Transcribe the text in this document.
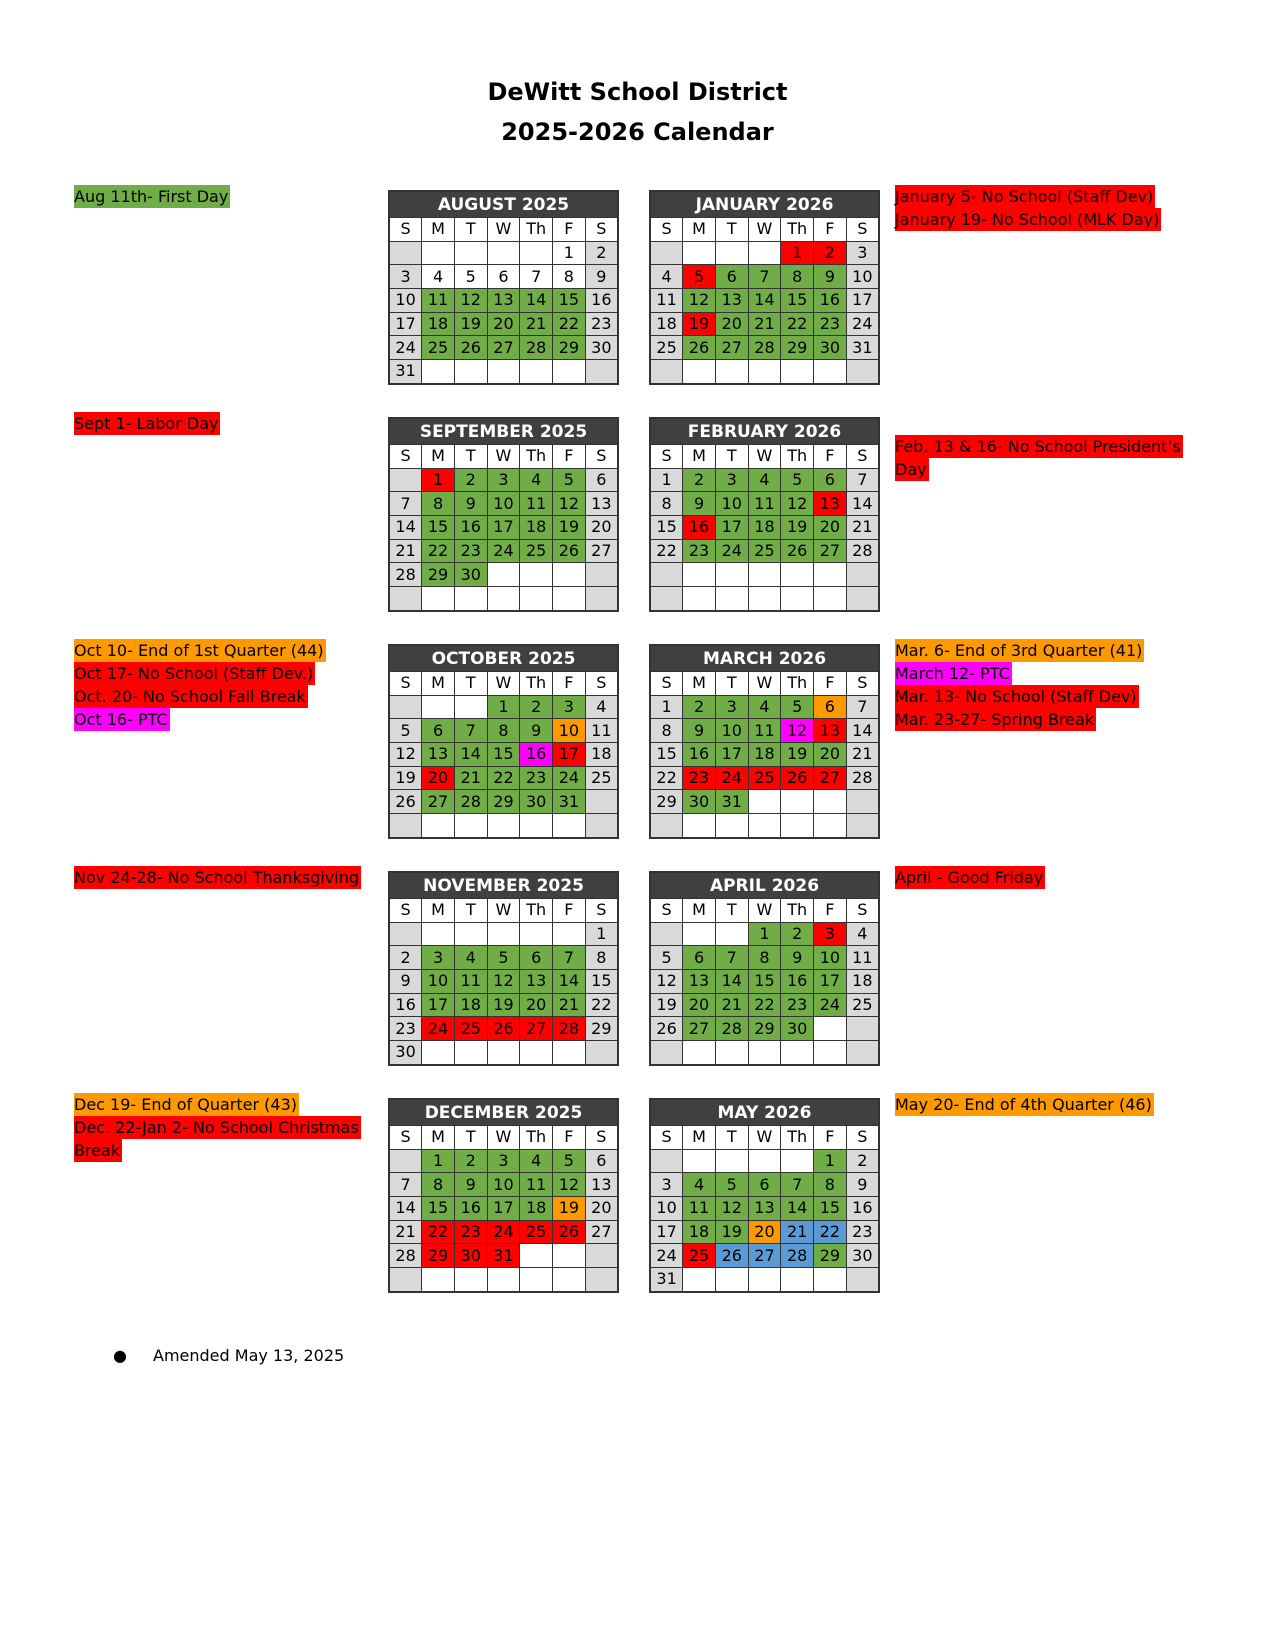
DeWitt School District
2025-2026 Calendar
AUGUST 2025						
S	M	T	W	Th	F	S
					1	2
3	4	5	6	7	8	9
10	11	12	13	14	15	16
17	18	19	20	21	22	23
24	25	26	27	28	29	30
31						
JANUARY 2026						
S	M	T	W	Th	F	S
				1	2	3
4	5	6	7	8	9	10
11	12	13	14	15	16	17
18	19	20	21	22	23	24
25	26	27	28	29	30	31

SEPTEMBER 2025						
S	M	T	W	Th	F	S
	1	2	3	4	5	6
7	8	9	10	11	12	13
14	15	16	17	18	19	20
21	22	23	24	25	26	27
28	29	30				

FEBRUARY 2026						
S	M	T	W	Th	F	S
1	2	3	4	5	6	7
8	9	10	11	12	13	14
15	16	17	18	19	20	21
22	23	24	25	26	27	28

OCTOBER 2025						
S	M	T	W	Th	F	S
			1	2	3	4
5	6	7	8	9	10	11
12	13	14	15	16	17	18
19	20	21	22	23	24	25
26	27	28	29	30	31	

MARCH 2026						
S	M	T	W	Th	F	S
1	2	3	4	5	6	7
8	9	10	11	12	13	14
15	16	17	18	19	20	21
22	23	24	25	26	27	28
29	30	31				

NOVEMBER 2025						
S	M	T	W	Th	F	S
						1
2	3	4	5	6	7	8
9	10	11	12	13	14	15
16	17	18	19	20	21	22
23	24	25	26	27	28	29
30						
APRIL 2026						
S	M	T	W	Th	F	S
			1	2	3	4
5	6	7	8	9	10	11
12	13	14	15	16	17	18
19	20	21	22	23	24	25
26	27	28	29	30		

DECEMBER 2025						
S	M	T	W	Th	F	S
	1	2	3	4	5	6
7	8	9	10	11	12	13
14	15	16	17	18	19	20
21	22	23	24	25	26	27
28	29	30	31			

MAY 2026						
S	M	T	W	Th	F	S
					1	2
3	4	5	6	7	8	9
10	11	12	13	14	15	16
17	18	19	20	21	22	23
24	25	26	27	28	29	30
31						
Aug 11th- First Day
Sept 1- Labor Day
Oct 10- End of 1st Quarter (44)
Oct 17- No School (Staff Dev.)
Oct. 20- No School Fall Break
Oct 16- PTC
Nov 24-28- No School Thanksgiving
Dec 19- End of Quarter (43)
Dec. 22-Jan 2- No School Christmas
Break
January 5- No School (Staff Dev)
January 19- No School (MLK Day)
Feb. 13 & 16- No School President’s
Day
Mar. 6- End of 3rd Quarter (41)
March 12- PTC
Mar. 13- No School (Staff Dev)
Mar. 23-27- Spring Break
April - Good Friday
May 20- End of 4th Quarter (46)
● Amended May 13, 2025
